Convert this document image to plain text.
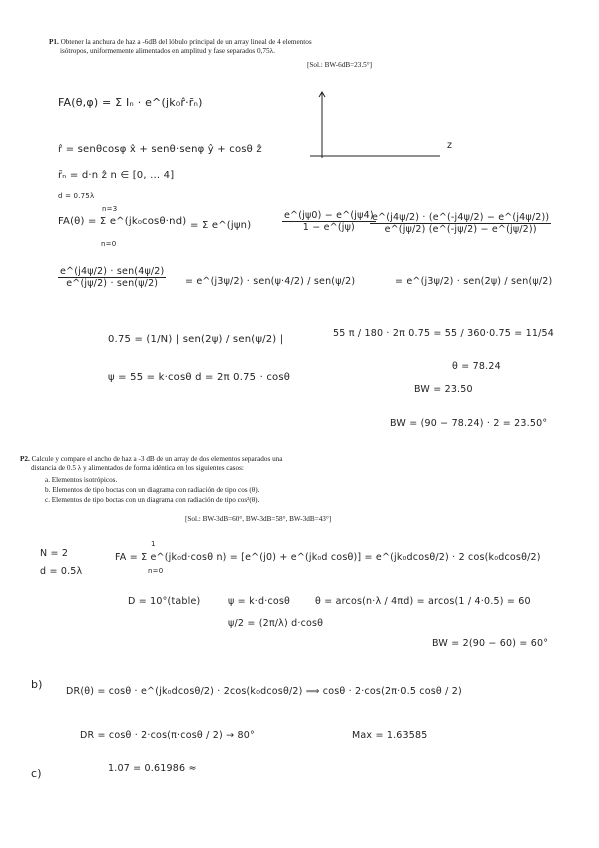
P1. Obtener la anchura de haz a -6dB del lóbulo principal de un array lineal de 4 elementos
isótropos, uniformemente alimentados en amplitud y fase separados 0,75λ.
[Sol.: BW-6dB=23.5°]
FA(θ,φ) = Σ Iₙ · e^(jk₀r̂·r̄ₙ)
z
r̂ = senθcosφ x̂ + senθ·senφ ŷ + cosθ ẑ
r̄ₙ = d·n ẑ n ∈ [0, ... 4]
d = 0.75λ
FA(θ) = Σ e^(jk₀cosθ·nd)
n=3
n=0
= Σ e^(jψn)	$\frac{e\^{}(j\psi 0) - e\^{}(j\psi 4)}{1 - e\^{}(j\psi)}$
$\frac{e\^{}(j4\psi/2) \cdot (e\^{}(-j4\psi/2) - e\^{}(j4\psi/2))}{e\^{}(j\psi/2) (e\^{}(-j\psi/2) - e\^{}(j\psi/2))}$
$\frac{\text{e\textasciicircum{}(j4ψ/2) · sen(4ψ/2)}}{\text{e\textasciicircum{}(jψ/2) · sen(ψ/2)}}$ = e^(j3ψ/2) · sen(ψ·4/2) / sen(ψ/2)	= e^(j3ψ/2) · sen(2ψ) / sen(ψ/2)
0.75 = (1/N) | sen(2ψ) / sen(ψ/2) |
ψ = 55 = k·cosθ d = 2π 0.75 · cosθ
55 π / 180 · 2π 0.75 = 55 / 360·0.75 = 11/54
θ = 78.24
BW = 23.50
BW = (90 − 78.24) · 2 = 23.50°
P2. Calcule y compare el ancho de haz a -3 dB de un array de dos elementos separados una
distancia de 0.5 λ y alimentados de forma idéntica en los siguientes casos:
a. Elementos isotrópicos.
b. Elementos de tipo boctas con un diagrama con radiación de tipo cos (θ).
c. Elementos de tipo boctas con un diagrama con radiación de tipo cos²(θ).
[Sol.: BW-3dB=60°, BW-3dB=58°, BW-3dB=43°]
N = 2
d = 0.5λ
FA = Σ e^(jk₀d·cosθ n) = [e^(j0) + e^(jk₀d cosθ)] = e^(jk₀dcosθ/2) · 2 cos(k₀dcosθ/2)
1
n=0
D = 10°(table)	ψ = k·d·cosθ	θ = arcos(n·λ / 4πd) = arcos(1 / 4·0.5) = 60
ψ/2 = (2π/λ) d·cosθ
BW = 2(90 − 60) = 60°
b)
DR(θ) = cosθ · e^(jk₀dcosθ/2) · 2cos(k₀dcosθ/2) ⟹ cosθ · 2·cos(2π·0.5 cosθ / 2)
DR = cosθ · 2·cos(π·cosθ / 2) → 80°	Max = 1.63585
c)	1.07 = 0.61986 ≈
